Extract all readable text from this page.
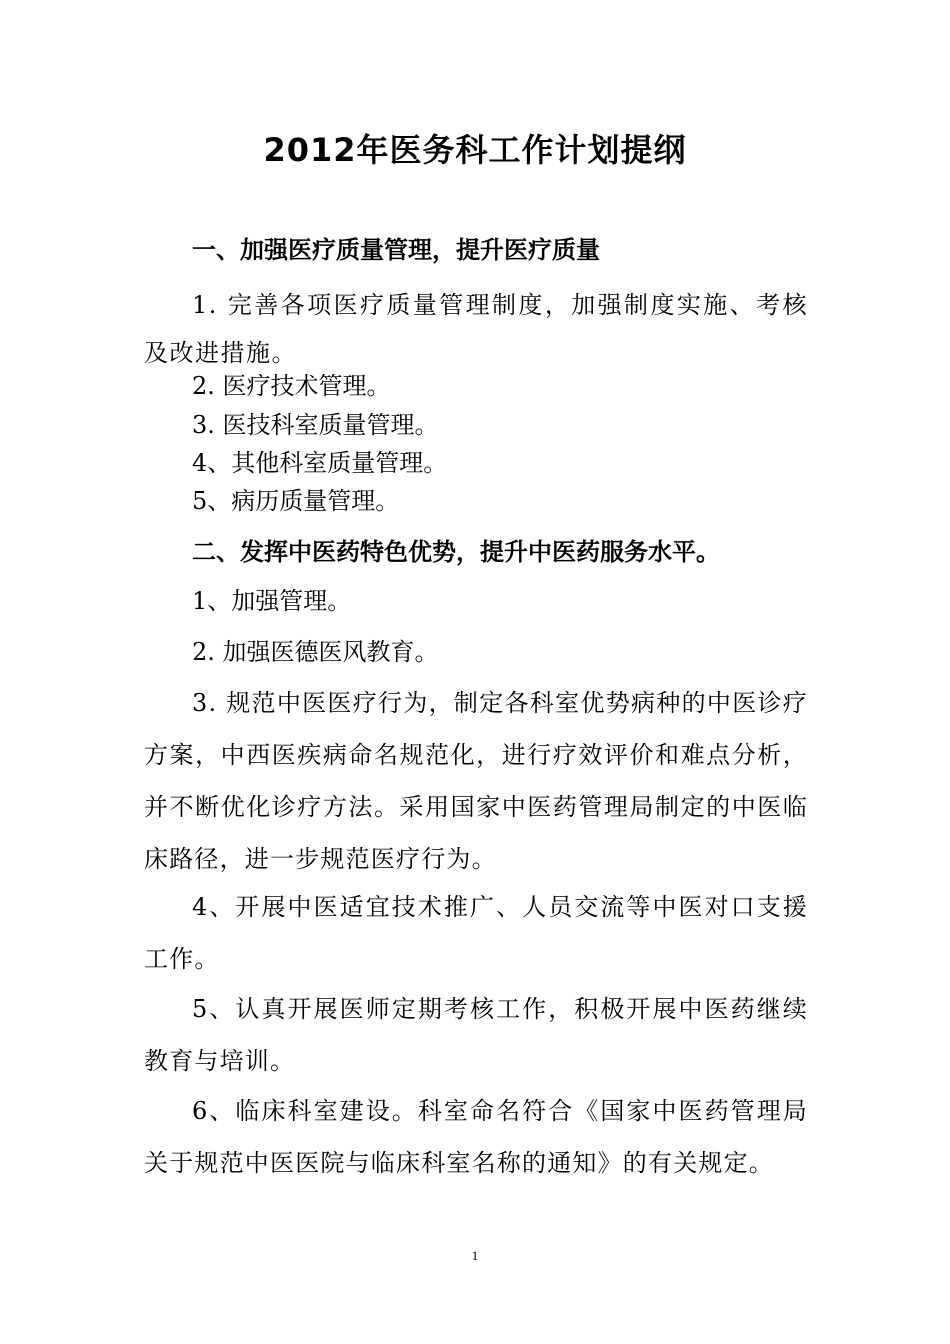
2012年医务科工作计划提纲
一、加强医疗质量管理，提升医疗质量
1. 完善各项医疗质量管理制度，加强制度实施、考核及改进措施。
2. 医疗技术管理。
3. 医技科室质量管理。
4、其他科室质量管理。
5、病历质量管理。
二、发挥中医药特色优势，提升中医药服务水平。
1、加强管理。
2. 加强医德医风教育。
3. 规范中医医疗行为，制定各科室优势病种的中医诊疗方案，中西医疾病命名规范化，进行疗效评价和难点分析，并不断优化诊疗方法。采用国家中医药管理局制定的中医临床路径，进一步规范医疗行为。
4、开展中医适宜技术推广、人员交流等中医对口支援工作。
5、认真开展医师定期考核工作，积极开展中医药继续教育与培训。
6、临床科室建设。科室命名符合《国家中医药管理局关于规范中医医院与临床科室名称的通知》的有关规定。
1
